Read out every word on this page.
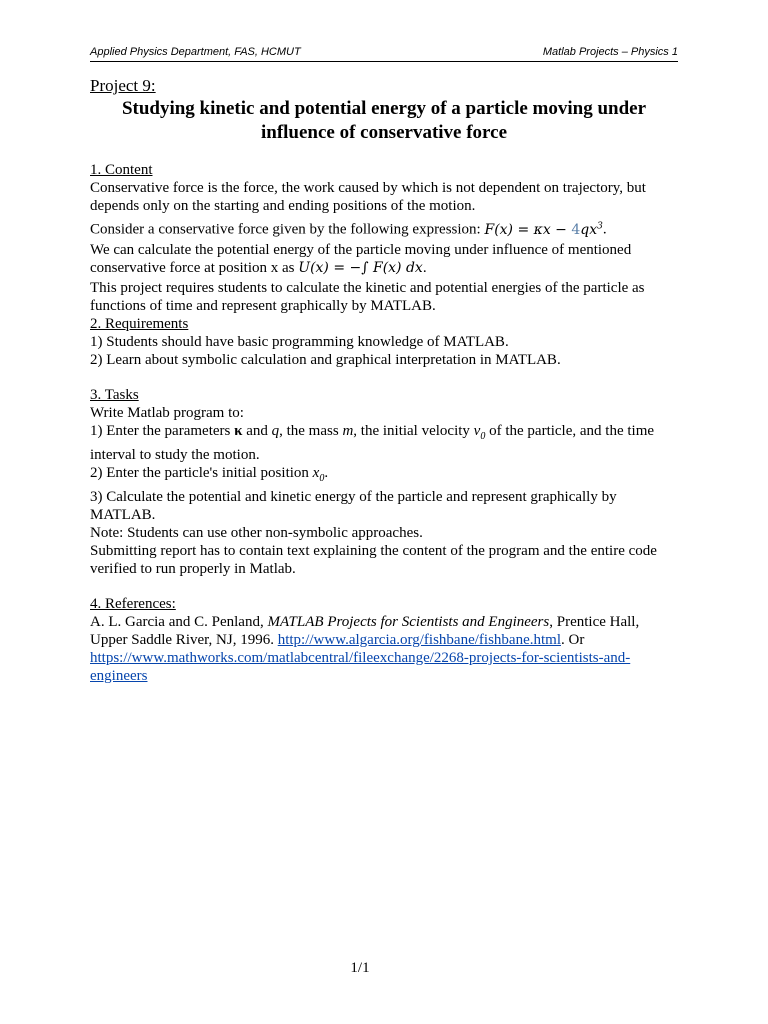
Applied Physics Department, FAS, HCMUT	Matlab Projects – Physics 1
Project 9:
Studying kinetic and potential energy of a particle moving under
influence of conservative force

1. Content

Conservative force is the force, the work caused by which is not dependent on trajectory, but depends only on the starting and ending positions of the motion.

Consider a conservative force given by the following expression: $F(x) = \kappa x - 4qx^3$.

We can calculate the potential energy of the particle moving under influence of mentioned conservative force at position x as U(x) = −∫ F(x) dx.

This project requires students to calculate the kinetic and potential energies of the particle as functions of time and represent graphically by MATLAB.

2. Requirements

1) Students should have basic programming knowledge of MATLAB.

2) Learn about symbolic calculation and graphical interpretation in MATLAB.

3. Tasks

Write Matlab program to:

1) Enter the parameters κ and q, the mass m, the initial velocity $v_0$ of the particle, and the time interval to study the motion.

2) Enter the particle's initial position $x_0$.

3) Calculate the potential and kinetic energy of the particle and represent graphically by MATLAB.

Note: Students can use other non-symbolic approaches.

Submitting report has to contain text explaining the content of the program and the entire code verified to run properly in Matlab.

4. References:

A. L. Garcia and C. Penland, MATLAB Projects for Scientists and Engineers, Prentice Hall, Upper Saddle River, NJ, 1996. http://www.algarcia.org/fishbane/fishbane.html. Or https://www.mathworks.com/matlabcentral/fileexchange/2268-projects-for-scientists-and-engineers

1/1
